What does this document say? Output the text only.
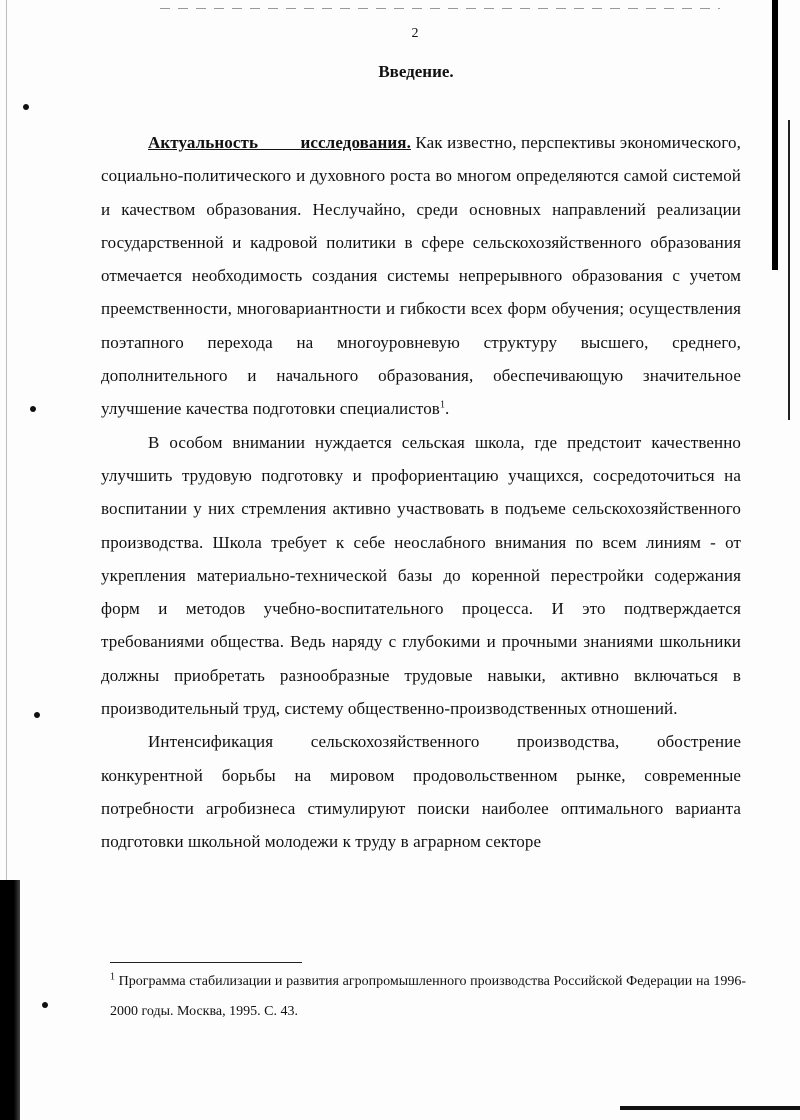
2
Введение.

Актуальность исследования. Как известно, перспективы экономического, социально-политического и духовного роста во многом определяются самой системой и качеством образования. Неслучайно, среди основных направлений реализации государственной и кадровой политики в сфере сельскохозяйственного образования отмечается необходимость создания системы непрерывного образования с учетом преемственности, многовариантности и гибкости всех форм обучения; осуществления поэтапного перехода на многоуровневую структуру высшего, среднего, дополнительного и начального образования, обеспечивающую значительное улучшение качества подготовки специалистов$^1$.

В особом внимании нуждается сельская школа, где предстоит качественно улучшить трудовую подготовку и профориентацию учащихся, сосредоточиться на воспитании у них стремления активно участвовать в подъеме сельскохозяйственного производства. Школа требует к себе неослабного внимания по всем линиям - от укрепления материально-технической базы до коренной перестройки содержания форм и методов учебно-воспитательного процесса. И это подтверждается требованиями общества. Ведь наряду с глубокими и прочными знаниями школьники должны приобретать разнообразные трудовые навыки, активно включаться в производительный труд, систему общественно-производственных отношений.

Интенсификация сельскохозяйственного производства, обострение конкурентной борьбы на мировом продовольственном рынке, современные потребности агробизнеса стимулируют поиски наиболее оптимального варианта подготовки школьной молодежи к труду в аграрном секторе

$^1$ Программа стабилизации и развития агропромышленного производства Российской Федерации на 1996-2000 годы. Москва, 1995. С. 43.
